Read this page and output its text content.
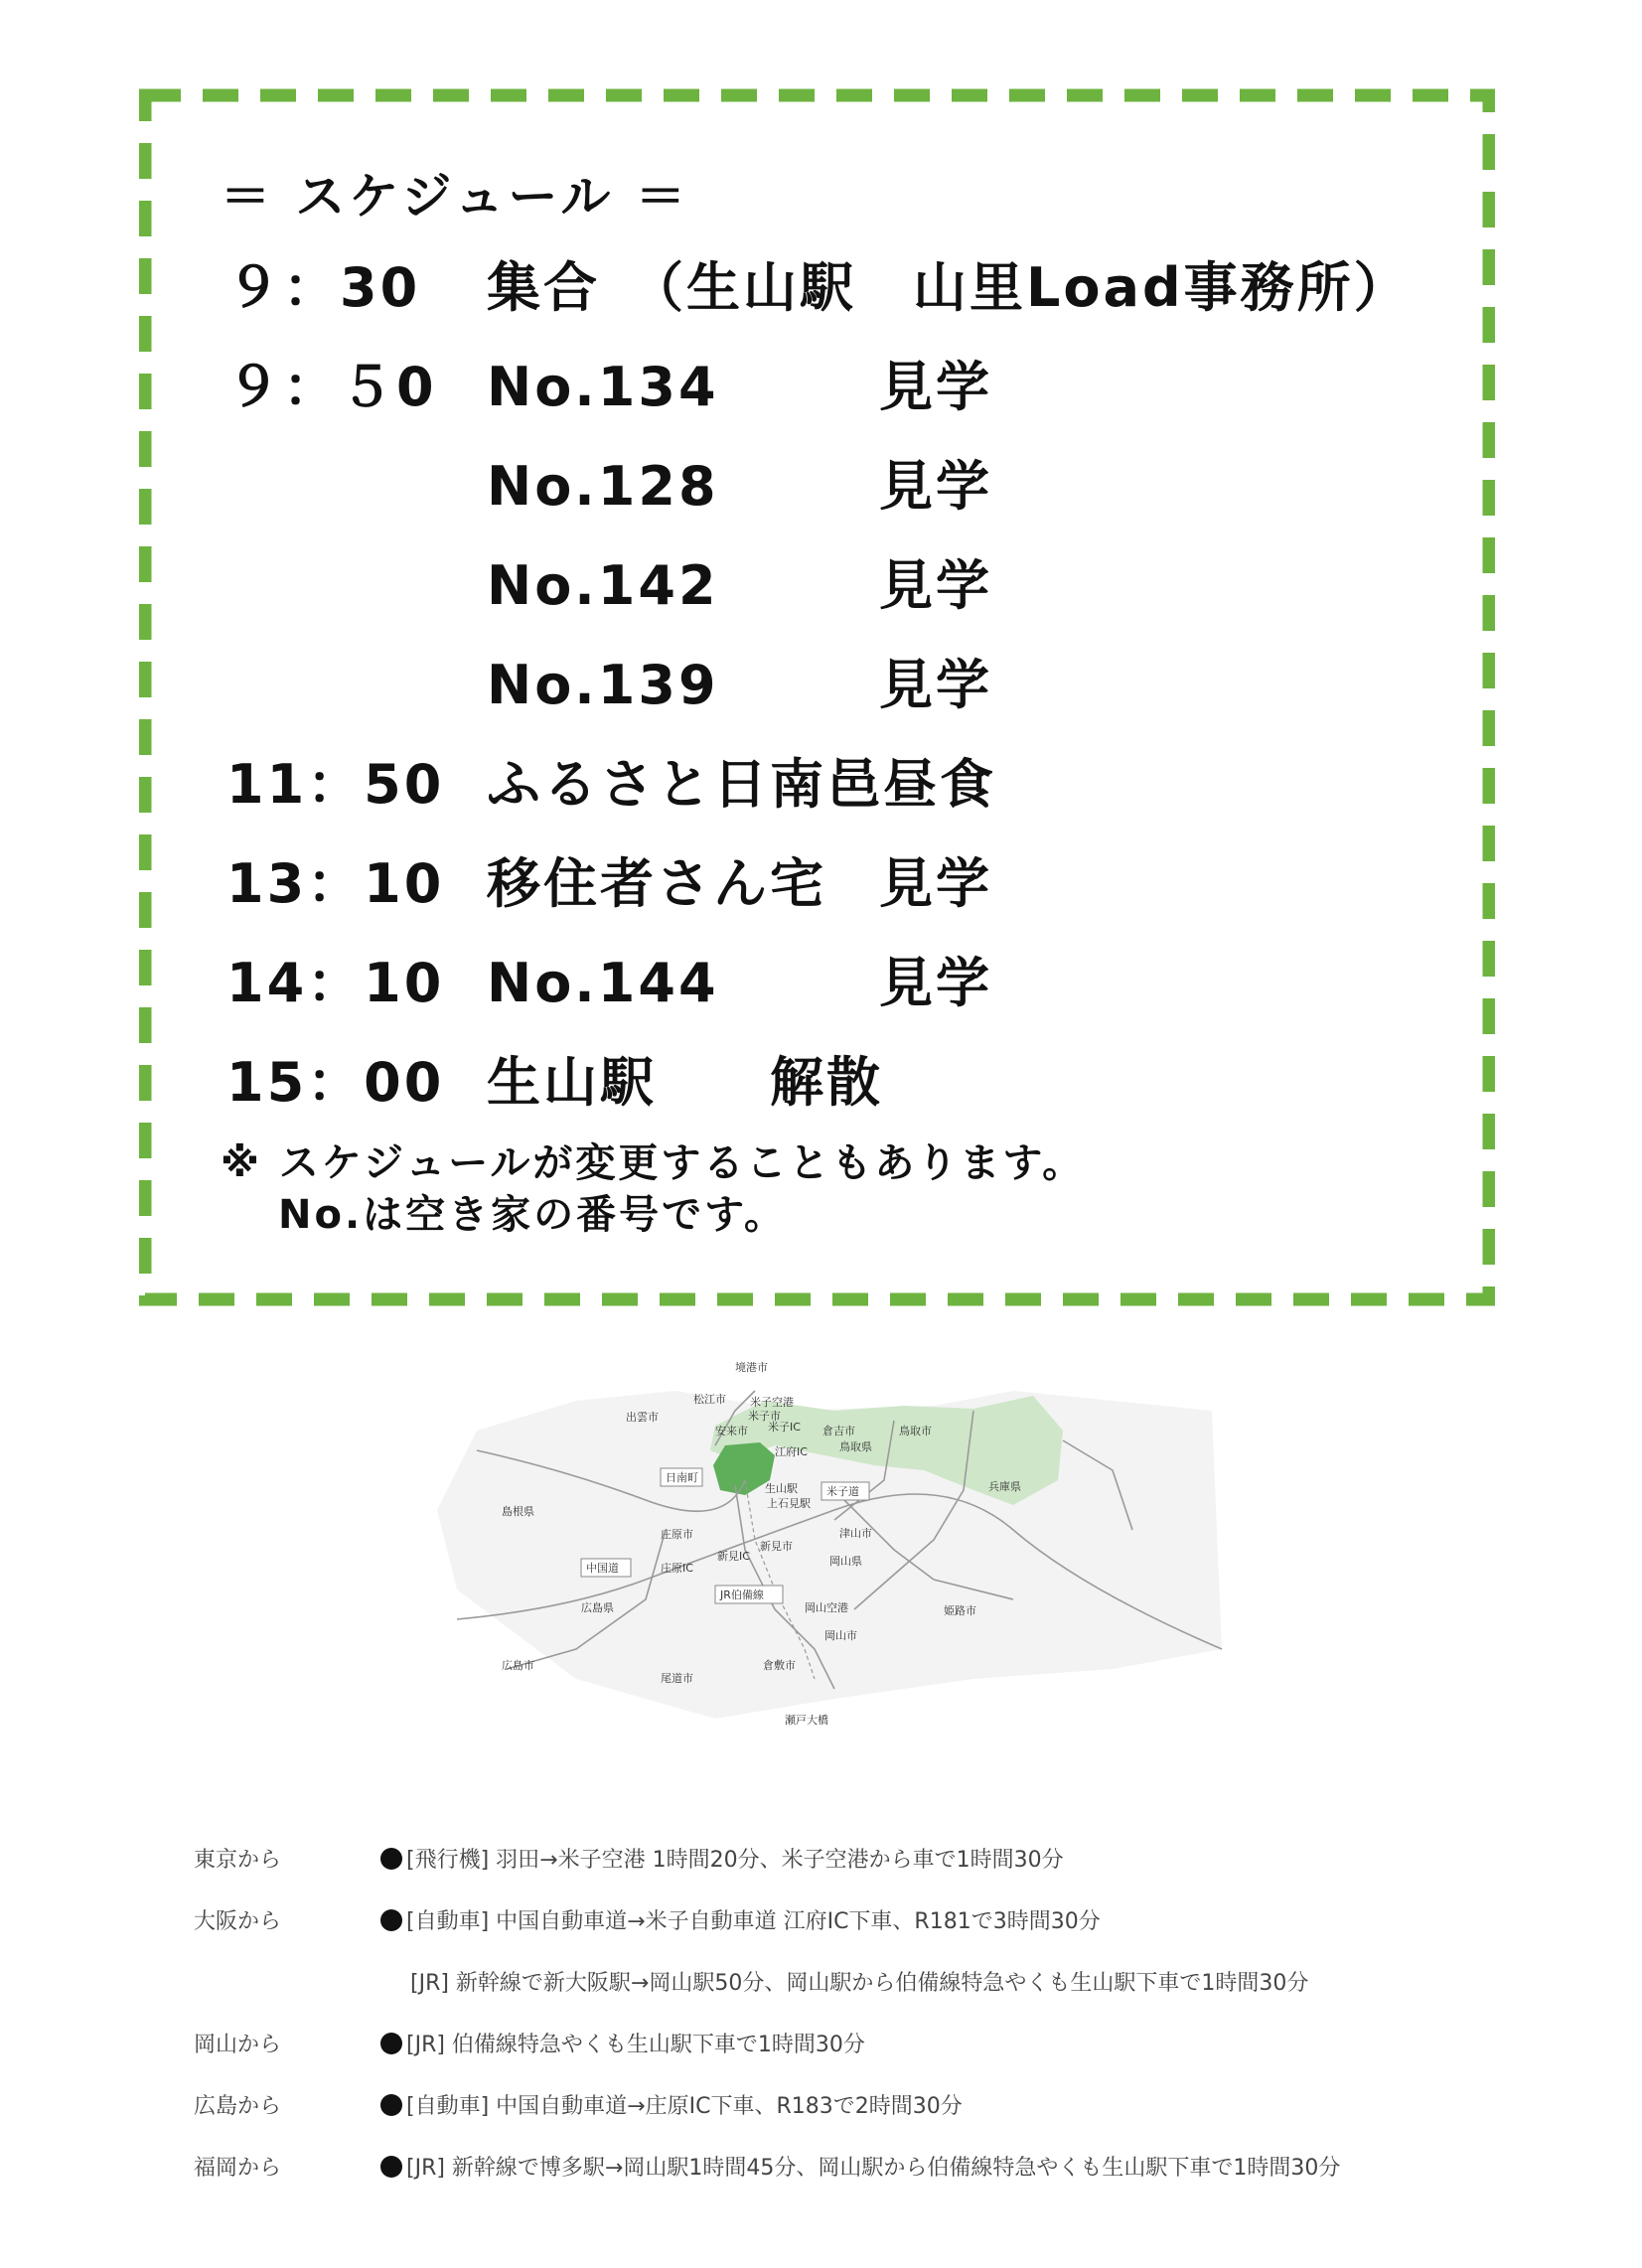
＝ スケジュール ＝
９：30 集合　（生山駅　山里Load事務所）
９：５0 No.134	見学
No.128	見学
No.142	見学
No.139	見学
11：50 ふるさと日南邑昼食
13：10 移住者さん宅 見学
14：10 No.144	見学
15：00 生山駅　　解散
※ スケジュールが変更することもあります。
No.は空き家の番号です。
境港市
松江市 米子空港
米子市
出雲市
安来市 米子IC 倉吉市	鳥取市
鳥取県
兵庫県
日南町
江府IC
生山駅
上石見駅
米子道
島根県
庄原市
庄原IC
新見IC
新見市
津山市
岡山県
中国道
JR伯備線
広島県	岡山空港	姫路市
岡山市
広島市
尾道市
倉敷市
瀬戸大橋
東京から	[飛行機] 羽田→米子空港 1時間20分、米子空港から車で1時間30分
大阪から	[自動車] 中国自動車道→米子自動車道 江府IC下車、R181で3時間30分
[JR] 新幹線で新大阪駅→岡山駅50分、岡山駅から伯備線特急やくも生山駅下車で1時間30分
岡山から	[JR] 伯備線特急やくも生山駅下車で1時間30分
広島から	[自動車] 中国自動車道→庄原IC下車、R183で2時間30分
福岡から	[JR] 新幹線で博多駅→岡山駅1時間45分、岡山駅から伯備線特急やくも生山駅下車で1時間30分
